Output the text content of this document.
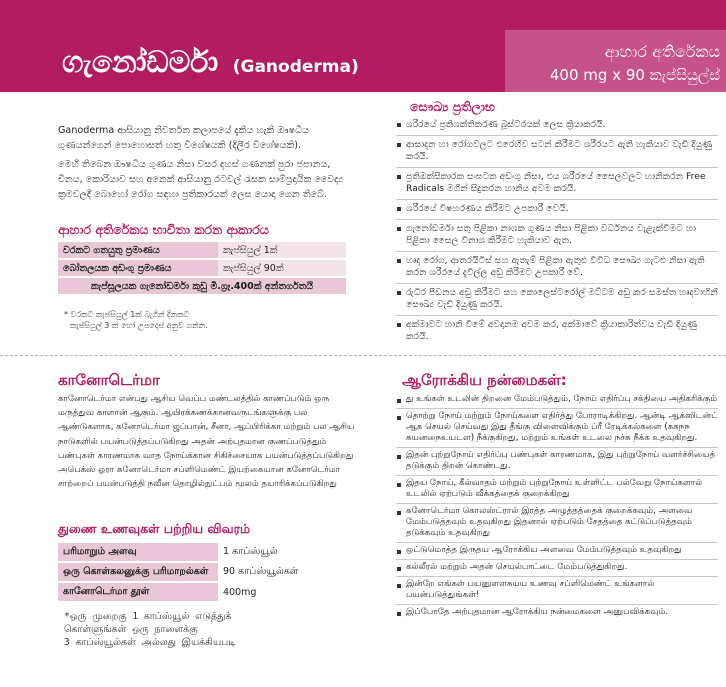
ගැනෝඩර්මා (Ganoderma)
ආහාර අතිරේකය
400 mg x 90 කැප්සියුල්ස්
Ganoderma ආසියානු නිවර්තන කලාපයේ දැකිය හැකි ඖෂධීය ගුණයන්ගෙන් පොහොසත් හතු විශේෂයකි (දිලීර විශේෂයකි).
මෙහි තිබෙන ඖෂධීය ගුණය නිසා වසර දහස් ගණනක් පුරා ජපානය, චීනය, කොරියාව සහ අනෙක් ආසියානු රටවල් රැසක සාම්ප්‍රදායික වෛද්‍ය ක්‍රමවලදී බොහෝ රෝග සඳහා ප්‍රතිකාරයක් ලෙස යොදා ගෙන තිබේ.
ආහාර අතිරේකය භාවිතා කරන ආකාරය
වරකට ගතයුතු ප්‍රමාණය	කැප්සියුල් 1ක්
බෝතලයක අඩංගු ප්‍රමාණය	කැප්සියුල් 90ක්
කැප්සූලයක ගැනෝඩර්මා කුඩු මි.ග්‍රෑ.400ක් අන්තර්ගතයි	
* වරකට කැප්සියුල් 1ක් බැගින් දිනකට
කැප්සියුල් 3 ක් හෝ උපදෙස් අනුව ගන්න.
සෞඛ්‍ය ප්‍රතිලාභ
ශරීරයේ ප්‍රතිශක්තිකරණ බූස්ටරයක් ලෙස ක්‍රියාකරයි.
ආසාදන හා රෝගවලට එරෙහිව සටන් කිරීමට ශරීරයට ඇති හැකියාව වැඩි දියුණු කරයි.
ප්‍රතිඔක්සිකාරක සංඝටක අඩංගු නිසා, එය ශරීරයේ සෛලවලට හානිකරන Free Radicals මගින් සිදුකරන හානිය අවම කරයි.
ශරීරයේ විෂහරණය කිරීමට උපකාරී වෙයි.
ගැනෝඩර්මා සතු පිළිකා නාශක ගුණය නිසා පිළිකා වර්ධනය වැළැක්වීමට හා පිළිකා සෛල විනාශ කිරීමට හැකියාව ඇත.
හෘද රෝග, ආතරයිටිස් සහ ඇතැම් පිළිකා ඇතුළු විවිධ සෞඛ්‍ය ගැටළු නිසා ඇති කරන ශරීරයේ දැවිල්ල අඩු කිරීමට උපකාරී වේ.
රුධිර පීඩනය අඩු කිරීමට සහ කොලෙස්ටරෝල් මට්ටම අඩු කර සමස්ත හෘදවාහිනී සෞඛ්‍ය වැඩි දියුණු කරයි.
අක්මාවට හානි වීමේ අවදානම අවම කර, අක්මාවේ ක්‍රියාකාරිත්වය වැඩි දියුණු කරයි.
கானோடெர்மா
கானோடெர்மா என்பது ஆசிய வெப்ப மண்டலத்தில் காணப்படும் ஒரு மருத்துவ காளான் ஆகும். ஆயிரக்கணக்கானவருடங்களுக்கு பல ஆண்டுகளாக, கனோடெர்மா ஜப்பான், சீனா, ஆப்பிரிக்கா மற்றும் பல ஆசிய நாடுகளில் பயன்படுத்தப்படுகிறது அதன் அற்புதமான குணப்படுத்தும் பண்புகள் காரணமாக வாத நோய்க்கான சிகிச்சையாக பயன்படுத்தப்படுகிறது அபெக்ஸ் ஓரா கனோடெர்மா சப்ளிமெண்ட் இயற்கையான கனோடெர்மா சாற்றைப் பயன்படுத்தி நவீன தொழில்நுட்பம் மூலம் தயாரிக்கப்படுகிறது
துணை உணவுகள் பற்றிய விவரம்
பரிமாறும் அளவு	1 காப்ஸ்யூல்
ஒரு கொள்கலனுக்கு பரிமாறல்கள்	90 காப்ஸ்யூல்கள்
கானோடெர்மா தூள்	400mg
*ஒரு முறைகு 1 காப்ஸ்யூல் எடுத்துக்
கொள்ளுங்கள் ஒரு நாளைக்கு
3 காப்ஸ்யூல்கள் அல்லது இயக்கியபடி
ஆரோக்கிய நன்மைகள்:
து உங்கள் உடலின் திறனை மேம்படுத்தும், நோய் எதிர்ப்பு சக்தியை அதிகரிக்கும்
தொற்று நோய் மற்றும் நோய்களை எதிர்த்து போராடிக்கிறது. ஆன்டி ஆக்ஸிடன்ட் ஆக செயல் செய்வது இது தீங்கு விளைவிக்கும் ப்ரீ ரேடிக்கல்களை (கசுநந சுயனநைஉயடள) நீக்குகிறது, மற்றும் உங்கள் உடலை நச்சு நீக்க உதவுகிறது.
இதன் புற்றுநோய் எதிர்ப்பு பண்புகள் காரணமாக, இது புற்றுநோய் வளர்ச்சியைத் தடுக்கும் திறன் கொண்டது.
இதய நோய், கீல்வாதம் மற்றும் புற்றுநோய் உள்ளிட்ட பல்வேறு நோய்களால் உடலில் ஏற்படும் வீக்கத்தைக் குறைக்கிறது
கனோடெர்மா கொலஸ்ட்ரால் இரத்த அழுத்தத்தைக் குறைக்கவும், அளவை மேம்படுத்தவும் உதவுகிறது இதனால் ஏற்படும் சேதத்தை கட்டுப்படுத்தவும் தடுக்கவும் உதவுகிறது
ஒட்டுமொத்த இருதய ஆரோக்கிய அளவை மேம்படுத்தவும் உதவுகிறது
கல்லீரல் மற்றும் அதன் செயல்பாட்டை மேம்படுத்துகிறது.
இன்றே எங்கள் பயனுளளசுயய உணவு சப்ளிமெண்ட் உங்களால் பயன்படுத்துங்கள்!
இப்போதே அற்புதமான ஆரோக்கிய நன்மைகளை அனுபவிக்கவும்.
